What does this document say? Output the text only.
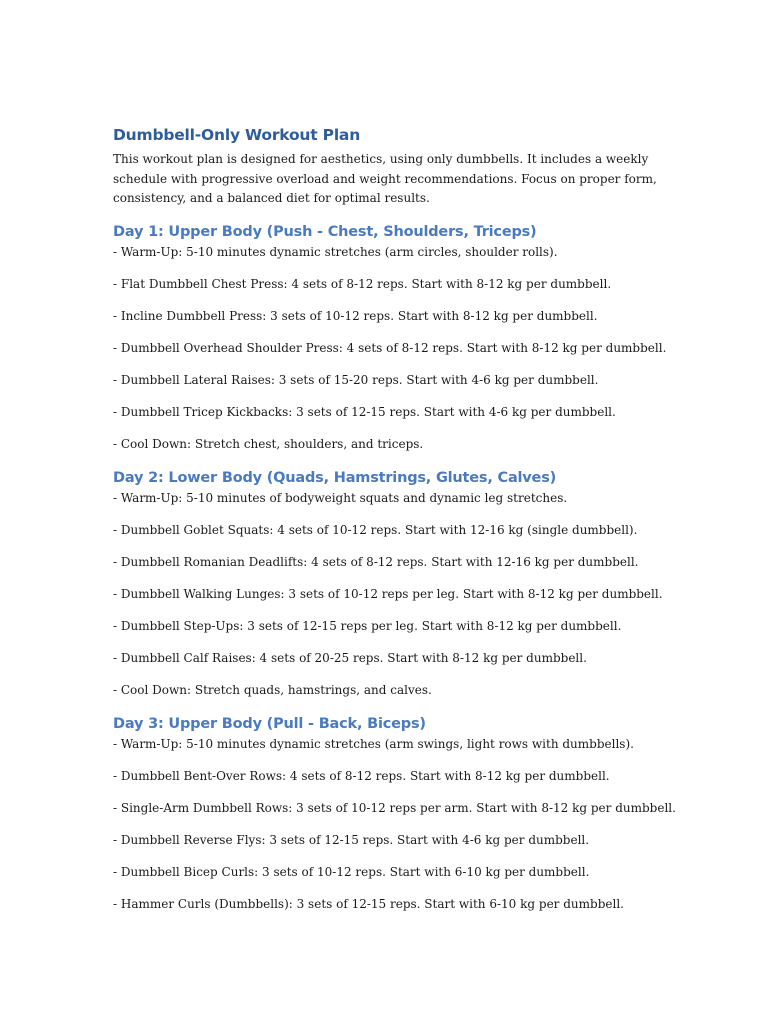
Dumbbell-Only Workout Plan

This workout plan is designed for aesthetics, using only dumbbells. It includes a weekly
schedule with progressive overload and weight recommendations. Focus on proper form,
consistency, and a balanced diet for optimal results.

Day 1: Upper Body (Push - Chest, Shoulders, Triceps)
- Warm-Up: 5-10 minutes dynamic stretches (arm circles, shoulder rolls).
- Flat Dumbbell Chest Press: 4 sets of 8-12 reps. Start with 8-12 kg per dumbbell.
- Incline Dumbbell Press: 3 sets of 10-12 reps. Start with 8-12 kg per dumbbell.
- Dumbbell Overhead Shoulder Press: 4 sets of 8-12 reps. Start with 8-12 kg per dumbbell.
- Dumbbell Lateral Raises: 3 sets of 15-20 reps. Start with 4-6 kg per dumbbell.
- Dumbbell Tricep Kickbacks: 3 sets of 12-15 reps. Start with 4-6 kg per dumbbell.
- Cool Down: Stretch chest, shoulders, and triceps.
Day 2: Lower Body (Quads, Hamstrings, Glutes, Calves)
- Warm-Up: 5-10 minutes of bodyweight squats and dynamic leg stretches.
- Dumbbell Goblet Squats: 4 sets of 10-12 reps. Start with 12-16 kg (single dumbbell).
- Dumbbell Romanian Deadlifts: 4 sets of 8-12 reps. Start with 12-16 kg per dumbbell.
- Dumbbell Walking Lunges: 3 sets of 10-12 reps per leg. Start with 8-12 kg per dumbbell.
- Dumbbell Step-Ups: 3 sets of 12-15 reps per leg. Start with 8-12 kg per dumbbell.
- Dumbbell Calf Raises: 4 sets of 20-25 reps. Start with 8-12 kg per dumbbell.
- Cool Down: Stretch quads, hamstrings, and calves.
Day 3: Upper Body (Pull - Back, Biceps)
- Warm-Up: 5-10 minutes dynamic stretches (arm swings, light rows with dumbbells).
- Dumbbell Bent-Over Rows: 4 sets of 8-12 reps. Start with 8-12 kg per dumbbell.
- Single-Arm Dumbbell Rows: 3 sets of 10-12 reps per arm. Start with 8-12 kg per dumbbell.
- Dumbbell Reverse Flys: 3 sets of 12-15 reps. Start with 4-6 kg per dumbbell.
- Dumbbell Bicep Curls: 3 sets of 10-12 reps. Start with 6-10 kg per dumbbell.
- Hammer Curls (Dumbbells): 3 sets of 12-15 reps. Start with 6-10 kg per dumbbell.
